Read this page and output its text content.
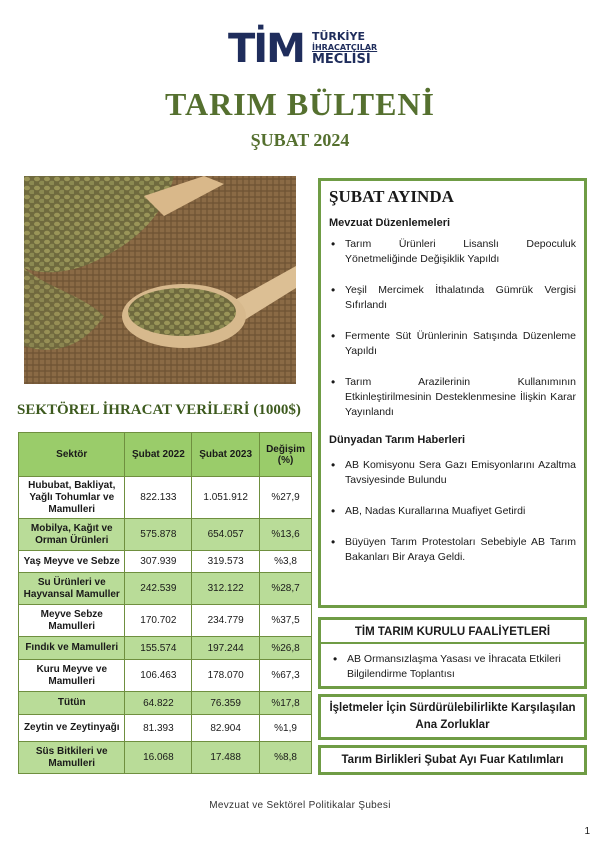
TİM TÜRKİYE
İHRACATÇILAR
MECLİSİ
TARIM BÜLTENİ
ŞUBAT 2024
SEKTÖREL İHRACAT VERİLERİ (1000$)
Sektör	Şubat 2022	Şubat 2023	Değişim (%)
Hububat, Bakliyat, Yağlı Tohumlar ve Mamulleri	822.133	1.051.912	%27,9
Mobilya, Kağıt ve Orman Ürünleri	575.878	654.057	%13,6
Yaş Meyve ve Sebze	307.939	319.573	%3,8
Su Ürünleri ve Hayvansal Mamuller	242.539	312.122	%28,7
Meyve Sebze Mamulleri	170.702	234.779	%37,5
Fındık ve Mamulleri	155.574	197.244	%26,8
Kuru Meyve ve Mamulleri	106.463	178.070	%67,3
Tütün	64.822	76.359	%17,8
Zeytin ve Zeytinyağı	81.393	82.904	%1,9
Süs Bitkileri ve Mamulleri	16.068	17.488	%8,8
ŞUBAT AYINDA
Mevzuat Düzenlemeleri
• Tarım Ürünleri Lisanslı Depoculuk Yönetmeliğinde Değişiklik Yapıldı
• Yeşil Mercimek İthalatında Gümrük Vergisi Sıfırlandı
• Fermente Süt Ürünlerinin Satışında Düzenleme Yapıldı
• Tarım Arazilerinin Kullanımının Etkinleştirilmesinin Desteklenmesine İlişkin Karar Yayınlandı
Dünyadan Tarım Haberleri
• AB Komisyonu Sera Gazı Emisyonlarını Azaltma Tavsiyesinde Bulundu
• AB, Nadas Kurallarına Muafiyet Getirdi
• Büyüyen Tarım Protestoları Sebebiyle AB Tarım Bakanları Bir Araya Geldi.
TİM TARIM KURULU FAALİYETLERİ
• AB Ormansızlaşma Yasası ve İhracata Etkileri Bilgilendirme Toplantısı
İşletmeler İçin Sürdürülebilirlikte Karşılaşılan Ana Zorluklar
Tarım Birlikleri Şubat Ayı Fuar Katılımları
Mevzuat ve Sektörel Politikalar Şubesi
1
